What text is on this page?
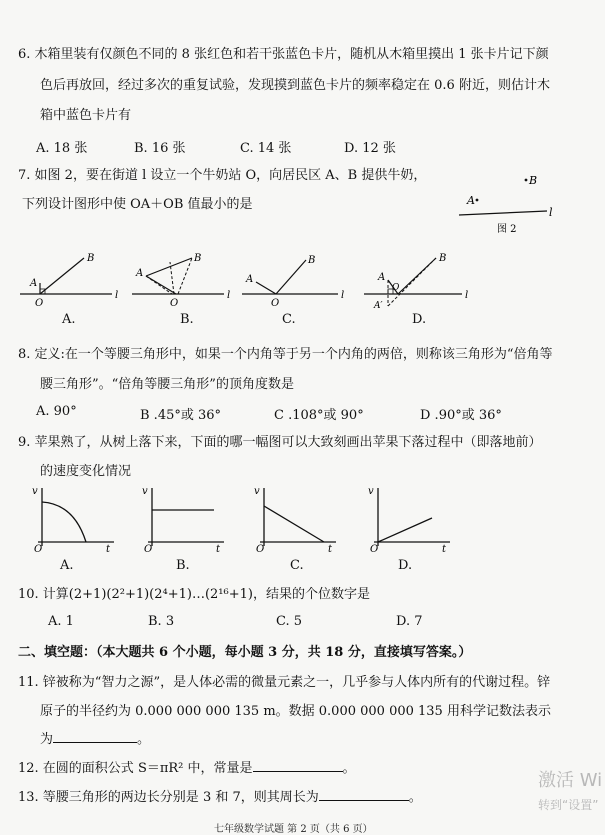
6. 木箱里装有仅颜色不同的 8 张红色和若干张蓝色卡片，随机从木箱里摸出 1 张卡片记下颜
色后再放回，经过多次的重复试验，发现摸到蓝色卡片的频率稳定在 0.6 附近，则估计木
箱中蓝色卡片有
A. 18 张	B. 16 张	C. 14 张	D. 12 张
7. 如图 2，要在街道 l 设立一个牛奶站 O，向居民区 A、B 提供牛奶，
下列设计图形中使 OA＋OB 值最小的是
B
A
l
图 2
A
B
O
l
A.
A
B
O
l
B.
A
B
O
l
C.
A
B
O
A′
l
D.
8. 定义:在一个等腰三角形中，如果一个内角等于另一个内角的两倍，则称该三角形为“倍角等
腰三角形”。“倍角等腰三角形”的顶角度数是
A. 90°	B .45°或 36°	C .108°或 90°	D .90°或 36°
9. 苹果熟了，从树上落下来，下面的哪一幅图可以大致刻画出苹果下落过程中（即落地前）
的速度变化情况
v
O	t
A.
v
O	t
B.
v
O	t
C.
v
O	t
D.
10. 计算(2+1)(2²+1)(2⁴+1)…(2¹⁶+1)，结果的个位数字是
A. 1	B. 3	C. 5	D. 7
二、填空题：（本大题共 6 个小题，每小题 3 分，共 18 分，直接填写答案。）
11. 锌被称为“智力之源”，是人体必需的微量元素之一，几乎参与人体内所有的代谢过程。锌
原子的半径约为 0.000 000 000 135 m。数据 0.000 000 000 135 用科学记数法表示
为	。
12. 在圆的面积公式 S＝πR² 中，常量是	。
13. 等腰三角形的两边长分别是 3 和 7，则其周长为	。
激活 Wi
转到“设置”
七年级数学试题 第 2 页（共 6 页）
